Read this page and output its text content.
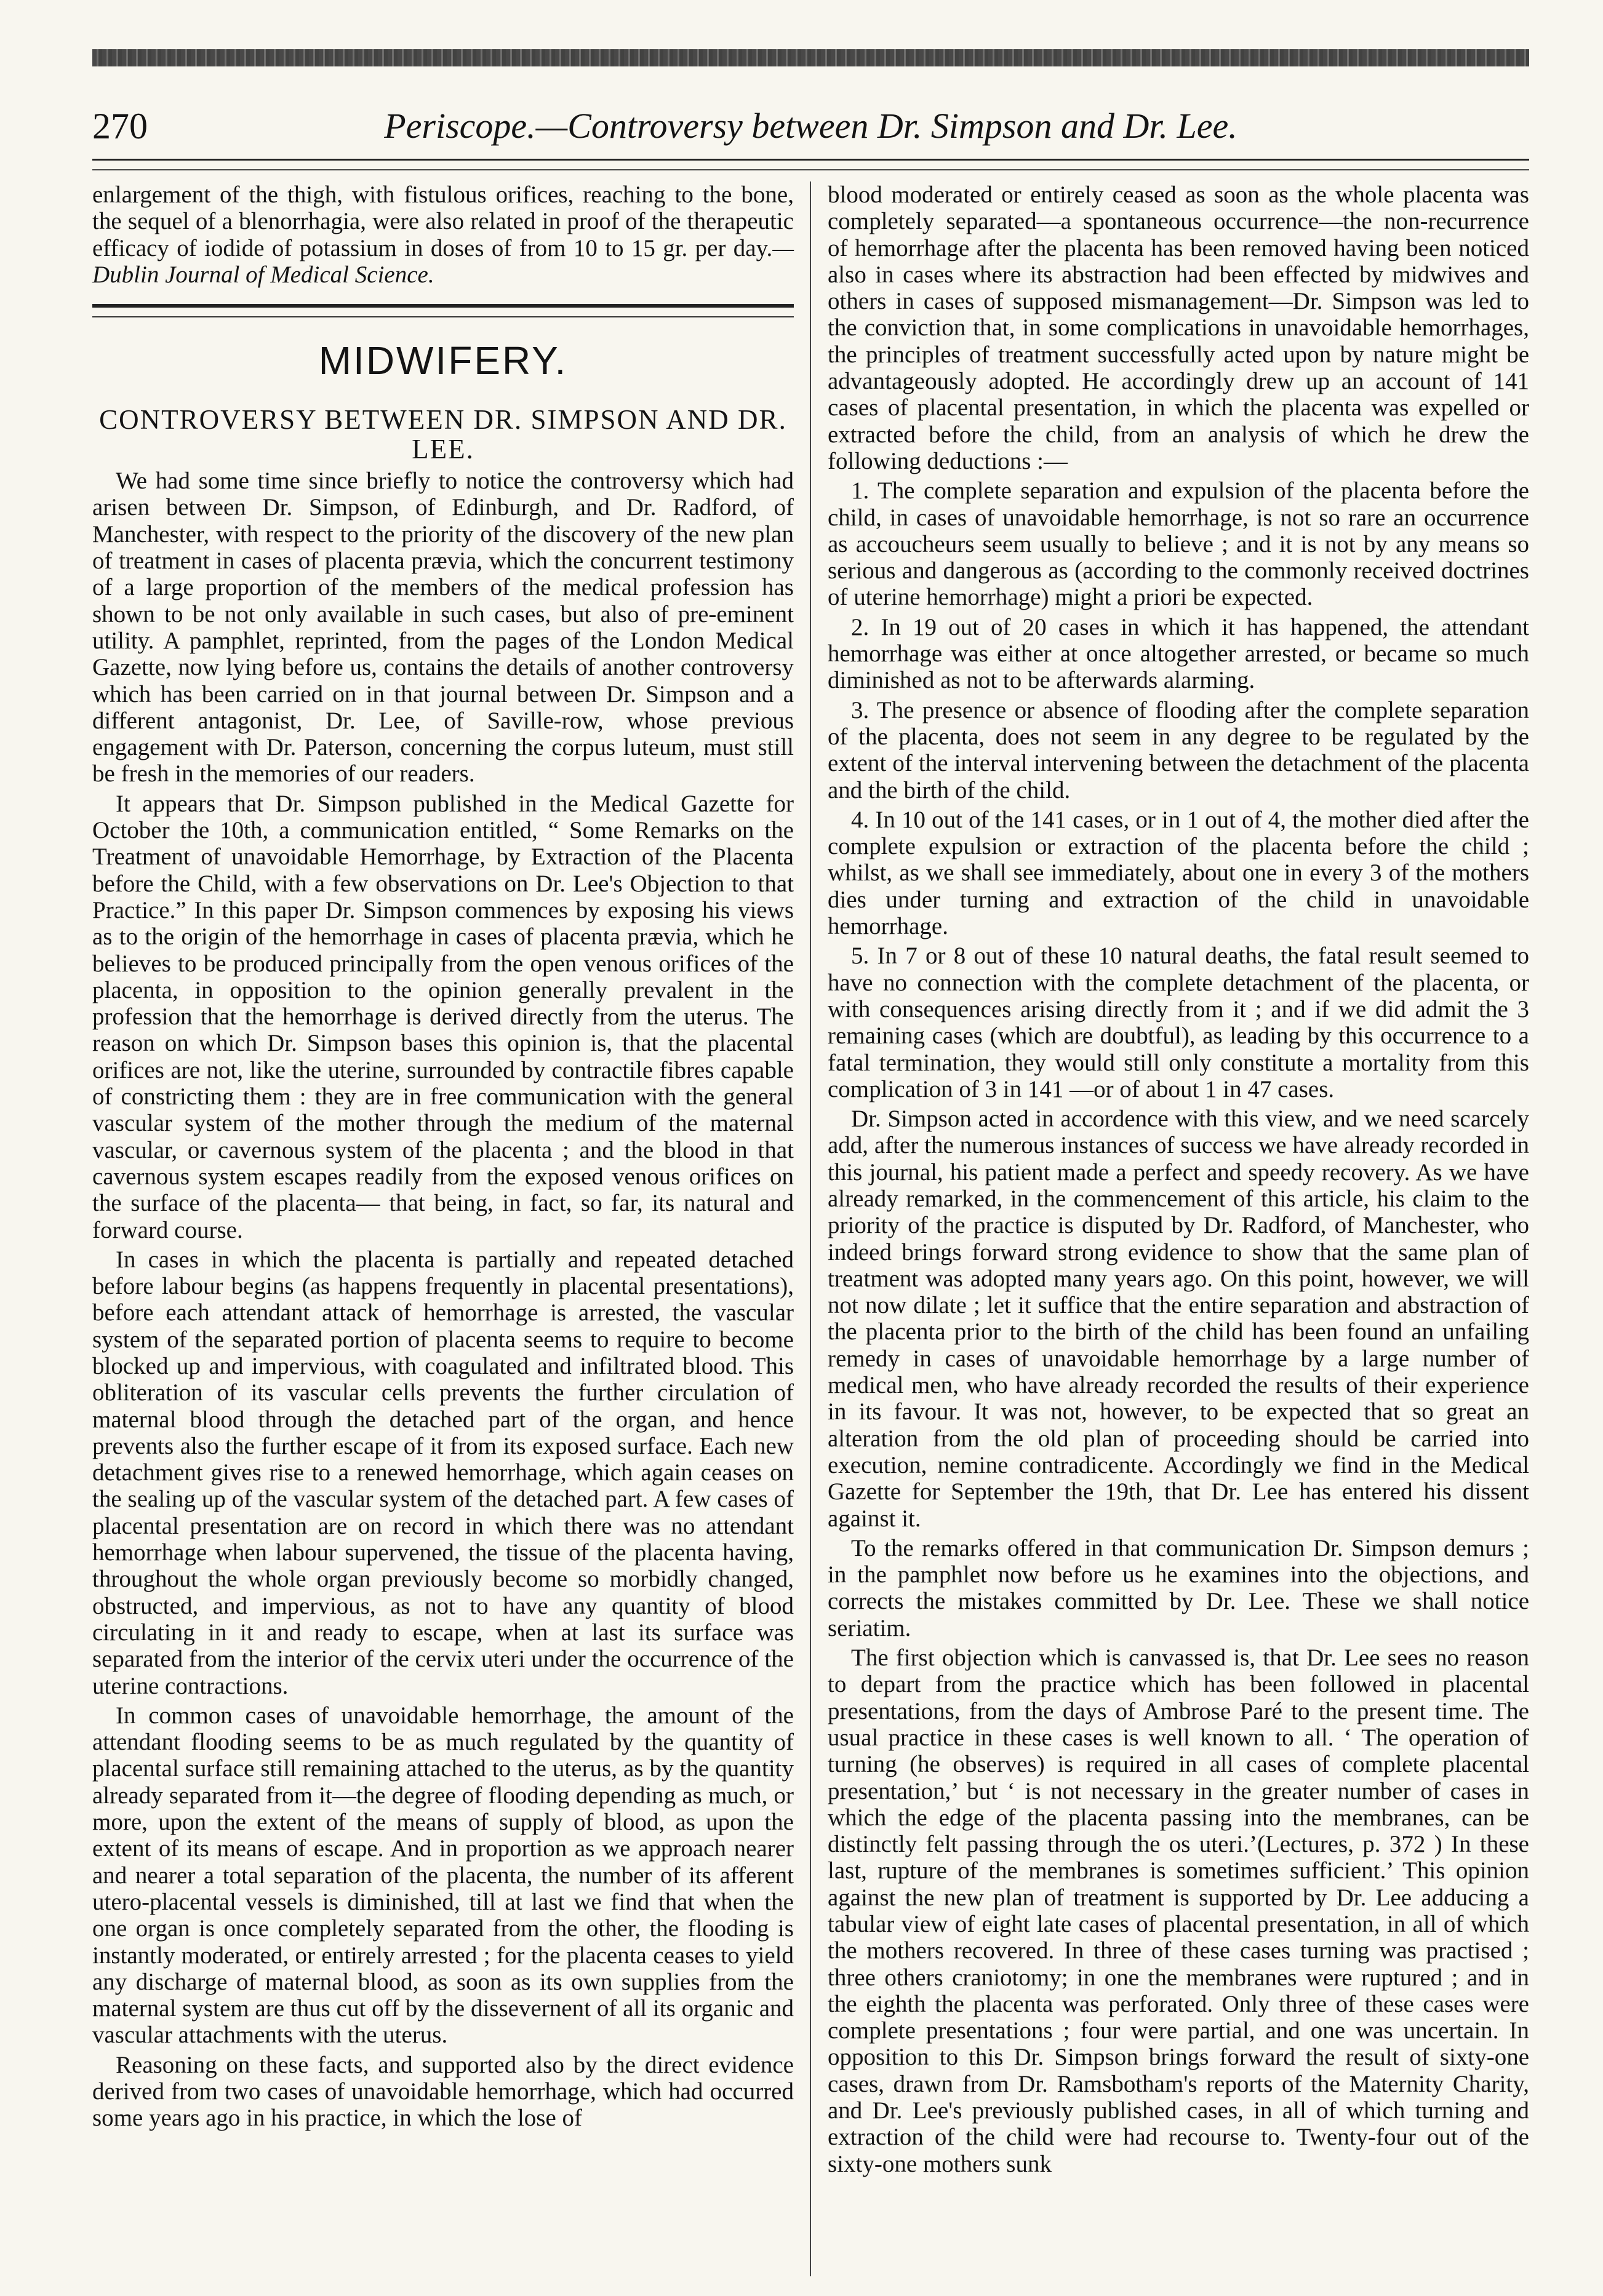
270	Periscope.—Controversy between Dr. Simpson and Dr. Lee.

enlargement of the thigh, with fistulous orifices, reaching to the bone, the sequel of a blenorrhagia, were also related in proof of the therapeutic efficacy of iodide of potassium in doses of from 10 to 15 gr. per day.—Dublin Journal of Medical Science.

MIDWIFERY.
CONTROVERSY BETWEEN DR. SIMPSON AND DR. LEE.

We had some time since briefly to notice the controversy which had arisen between Dr. Simpson, of Edinburgh, and Dr. Radford, of Manchester, with respect to the priority of the discovery of the new plan of treatment in cases of placenta prævia, which the concurrent testimony of a large proportion of the members of the medical profession has shown to be not only available in such cases, but also of pre-eminent utility. A pamphlet, reprinted, from the pages of the London Medical Gazette, now lying before us, contains the details of another controversy which has been carried on in that journal between Dr. Simpson and a different antagonist, Dr. Lee, of Saville-row, whose previous engagement with Dr. Paterson, concerning the corpus luteum, must still be fresh in the memories of our readers.

It appears that Dr. Simpson published in the Medical Gazette for October the 10th, a communication entitled, “ Some Remarks on the Treatment of unavoidable Hemorrhage, by Extraction of the Placenta before the Child, with a few observations on Dr. Lee's Objection to that Practice.” In this paper Dr. Simpson commences by exposing his views as to the origin of the hemorrhage in cases of placenta prævia, which he believes to be produced principally from the open venous orifices of the placenta, in opposition to the opinion generally prevalent in the profession that the hemorrhage is derived directly from the uterus. The reason on which Dr. Simpson bases this opinion is, that the placental orifices are not, like the uterine, surrounded by contractile fibres capable of constricting them : they are in free communication with the general vascular system of the mother through the medium of the maternal vascular, or cavernous system of the placenta ; and the blood in that cavernous system escapes readily from the exposed venous orifices on the surface of the placenta— that being, in fact, so far, its natural and forward course.

In cases in which the placenta is partially and repeated detached before labour begins (as happens frequently in placental presentations), before each attendant attack of hemorrhage is arrested, the vascular system of the separated portion of placenta seems to require to become blocked up and impervious, with coagulated and infiltrated blood. This obliteration of its vascular cells prevents the further circulation of maternal blood through the detached part of the organ, and hence prevents also the further escape of it from its exposed surface. Each new detachment gives rise to a renewed hemorrhage, which again ceases on the sealing up of the vascular system of the detached part. A few cases of placental presentation are on record in which there was no attendant hemorrhage when labour supervened, the tissue of the placenta having, throughout the whole organ previously become so morbidly changed, obstructed, and impervious, as not to have any quantity of blood circulating in it and ready to escape, when at last its surface was separated from the interior of the cervix uteri under the occurrence of the uterine contractions.

In common cases of unavoidable hemorrhage, the amount of the attendant flooding seems to be as much regulated by the quantity of placental surface still remaining attached to the uterus, as by the quantity already separated from it—the degree of flooding depending as much, or more, upon the extent of the means of supply of blood, as upon the extent of its means of escape. And in proportion as we approach nearer and nearer a total separation of the placenta, the number of its afferent utero-placental vessels is diminished, till at last we find that when the one organ is once completely separated from the other, the flooding is instantly moderated, or entirely arrested ; for the placenta ceases to yield any discharge of maternal blood, as soon as its own supplies from the maternal system are thus cut off by the dissevernent of all its organic and vascular attachments with the uterus.

Reasoning on these facts, and supported also by the direct evidence derived from two cases of unavoidable hemorrhage, which had occurred some years ago in his practice, in which the lose of

blood moderated or entirely ceased as soon as the whole placenta was completely separated—a spontaneous occurrence—the non-recurrence of hemorrhage after the placenta has been removed having been noticed also in cases where its abstraction had been effected by midwives and others in cases of supposed mismanagement—Dr. Simpson was led to the conviction that, in some complications in unavoidable hemorrhages, the principles of treatment successfully acted upon by nature might be advantageously adopted. He accordingly drew up an account of 141 cases of placental presentation, in which the placenta was expelled or extracted before the child, from an analysis of which he drew the following deductions :—

1. The complete separation and expulsion of the placenta before the child, in cases of unavoidable hemorrhage, is not so rare an occurrence as accoucheurs seem usually to believe ; and it is not by any means so serious and dangerous as (according to the commonly received doctrines of uterine hemorrhage) might a priori be expected.

2. In 19 out of 20 cases in which it has happened, the attendant hemorrhage was either at once altogether arrested, or became so much diminished as not to be afterwards alarming.

3. The presence or absence of flooding after the complete separation of the placenta, does not seem in any degree to be regulated by the extent of the interval intervening between the detachment of the placenta and the birth of the child.

4. In 10 out of the 141 cases, or in 1 out of 4, the mother died after the complete expulsion or extraction of the placenta before the child ; whilst, as we shall see immediately, about one in every 3 of the mothers dies under turning and extraction of the child in unavoidable hemorrhage.

5. In 7 or 8 out of these 10 natural deaths, the fatal result seemed to have no connection with the complete detachment of the placenta, or with consequences arising directly from it ; and if we did admit the 3 remaining cases (which are doubtful), as leading by this occurrence to a fatal termination, they would still only constitute a mortality from this complication of 3 in 141 —or of about 1 in 47 cases.

Dr. Simpson acted in accordence with this view, and we need scarcely add, after the numerous instances of success we have already recorded in this journal, his patient made a perfect and speedy recovery. As we have already remarked, in the commencement of this article, his claim to the priority of the practice is disputed by Dr. Radford, of Manchester, who indeed brings forward strong evidence to show that the same plan of treatment was adopted many years ago. On this point, however, we will not now dilate ; let it suffice that the entire separation and abstraction of the placenta prior to the birth of the child has been found an unfailing remedy in cases of unavoidable hemorrhage by a large number of medical men, who have already recorded the results of their experience in its favour. It was not, however, to be expected that so great an alteration from the old plan of proceeding should be carried into execution, nemine contradicente. Accordingly we find in the Medical Gazette for September the 19th, that Dr. Lee has entered his dissent against it.

To the remarks offered in that communication Dr. Simpson demurs ; in the pamphlet now before us he examines into the objections, and corrects the mistakes committed by Dr. Lee. These we shall notice seriatim.

The first objection which is canvassed is, that Dr. Lee sees no reason to depart from the practice which has been followed in placental presentations, from the days of Ambrose Paré to the present time. The usual practice in these cases is well known to all. ‘ The operation of turning (he observes) is required in all cases of complete placental presentation,’ but ‘ is not necessary in the greater number of cases in which the edge of the placenta passing into the membranes, can be distinctly felt passing through the os uteri.’(Lectures, p. 372 ) In these last, rupture of the membranes is sometimes sufficient.’ This opinion against the new plan of treatment is supported by Dr. Lee adducing a tabular view of eight late cases of placental presentation, in all of which the mothers recovered. In three of these cases turning was practised ; three others craniotomy; in one the membranes were ruptured ; and in the eighth the placenta was perforated. Only three of these cases were complete presentations ; four were partial, and one was uncertain. In opposition to this Dr. Simpson brings forward the result of sixty-one cases, drawn from Dr. Ramsbotham's reports of the Maternity Charity, and Dr. Lee's previously published cases, in all of which turning and extraction of the child were had recourse to. Twenty-four out of the sixty-one mothers sunk
